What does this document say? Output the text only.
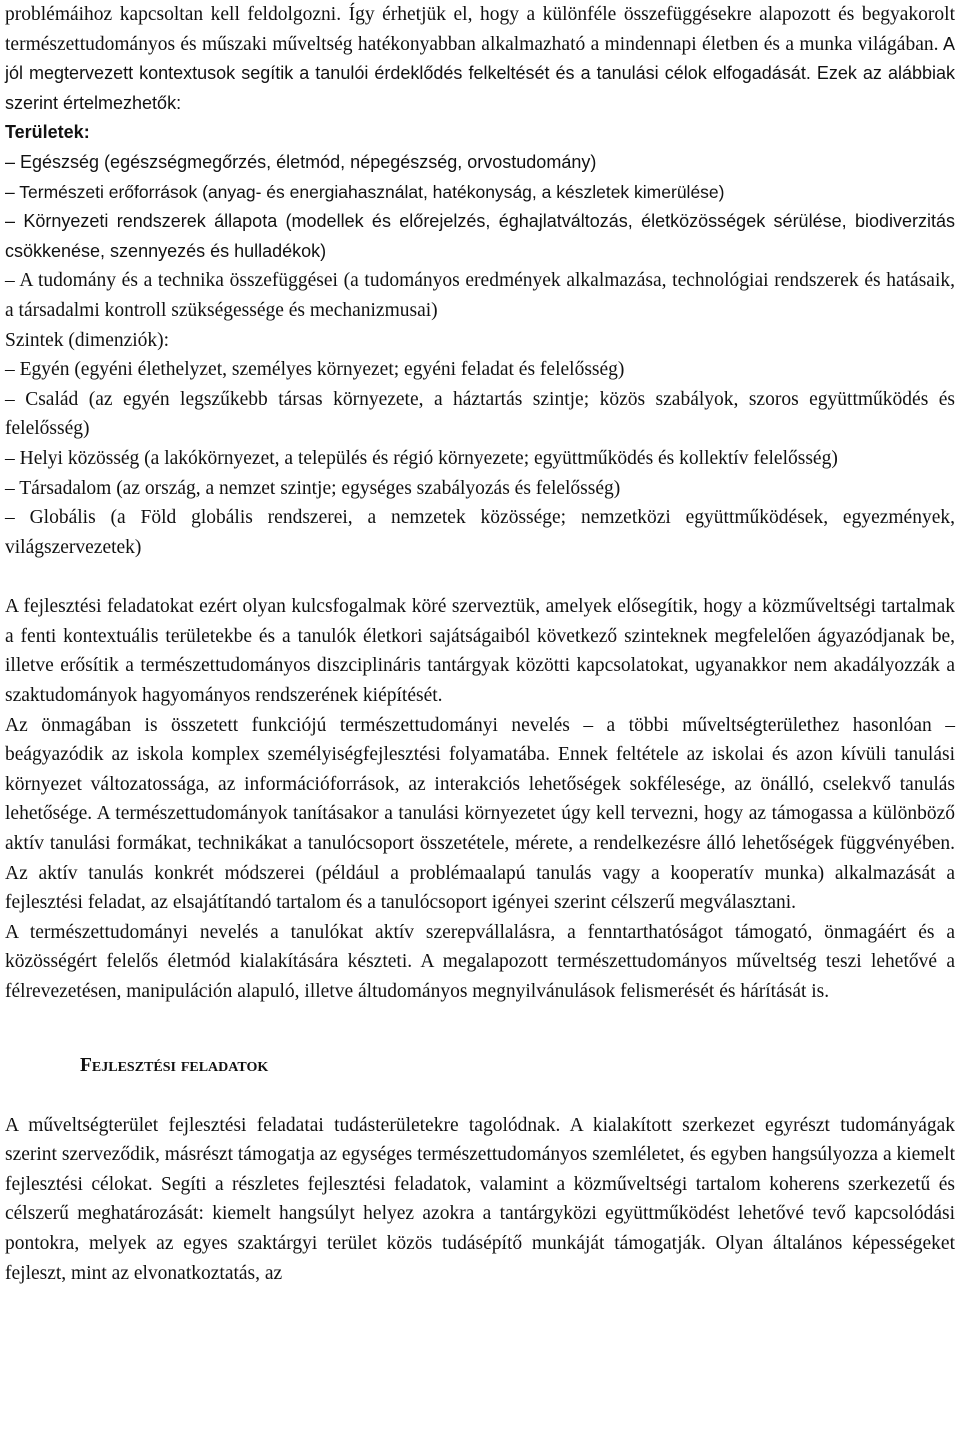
problémáihoz kapcsoltan kell feldolgozni. Így érhetjük el, hogy a különféle összefüggésekre alapozott és begyakorolt természettudományos és műszaki műveltség hatékonyabban alkalmazható a mindennapi életben és a munka világában. A jól megtervezett kontextusok segítik a tanulói érdeklődés felkeltését és a tanulási célok elfogadását. Ezek az alábbiak szerint értelmezhetők:

Területek:

– Egészség (egészségmegőrzés, életmód, népegészség, orvostudomány)

– Természeti erőforrások (anyag- és energiahasználat, hatékonyság, a készletek kimerülése)

– Környezeti rendszerek állapota (modellek és előrejelzés, éghajlatváltozás, életközösségek sérülése, biodiverzitás csökkenése, szennyezés és hulladékok)

– A tudomány és a technika összefüggései (a tudományos eredmények alkalmazása, technológiai rendszerek és hatásaik, a társadalmi kontroll szükségessége és mechanizmusai)

Szintek (dimenziók):

– Egyén (egyéni élethelyzet, személyes környezet; egyéni feladat és felelősség)

– Család (az egyén legszűkebb társas környezete, a háztartás szintje; közös szabályok, szoros együttműködés és felelősség)

– Helyi közösség (a lakókörnyezet, a település és régió környezete; együttműködés és kollektív felelősség)

– Társadalom (az ország, a nemzet szintje; egységes szabályozás és felelősség)

– Globális (a Föld globális rendszerei, a nemzetek közössége; nemzetközi együttműködések, egyezmények, világszervezetek)

A fejlesztési feladatokat ezért olyan kulcsfogalmak köré szerveztük, amelyek elősegítik, hogy a közműveltségi tartalmak a fenti kontextuális területekbe és a tanulók életkori sajátságaiból következő szinteknek megfelelően ágyazódjanak be, illetve erősítik a természettudományos diszciplináris tantárgyak közötti kapcsolatokat, ugyanakkor nem akadályozzák a szaktudományok hagyományos rendszerének kiépítését.

Az önmagában is összetett funkciójú természettudományi nevelés – a többi műveltségterülethez hasonlóan – beágyazódik az iskola komplex személyiségfejlesztési folyamatába. Ennek feltétele az iskolai és azon kívüli tanulási környezet változatossága, az információforrások, az interakciós lehetőségek sokfélesége, az önálló, cselekvő tanulás lehetősége. A természettudományok tanításakor a tanulási környezetet úgy kell tervezni, hogy az támogassa a különböző aktív tanulási formákat, technikákat a tanulócsoport összetétele, mérete, a rendelkezésre álló lehetőségek függvényében. Az aktív tanulás konkrét módszerei (például a problémaalapú tanulás vagy a kooperatív munka) alkalmazását a fejlesztési feladat, az elsajátítandó tartalom és a tanulócsoport igényei szerint célszerű megválasztani.

A természettudományi nevelés a tanulókat aktív szerepvállalásra, a fenntarthatóságot támogató, önmagáért és a közösségért felelős életmód kialakítására készteti. A megalapozott természettudományos műveltség teszi lehetővé a félrevezetésen, manipuláción alapuló, illetve áltudományos megnyilvánulások felismerését és hárítását is.

Fejlesztési feladatok

A műveltségterület fejlesztési feladatai tudásterületekre tagolódnak. A kialakított szerkezet egyrészt tudományágak szerint szerveződik, másrészt támogatja az egységes természettudományos szemléletet, és egyben hangsúlyozza a kiemelt fejlesztési célokat. Segíti a részletes fejlesztési feladatok, valamint a közműveltségi tartalom koherens szerkezetű és célszerű meghatározását: kiemelt hangsúlyt helyez azokra a tantárgyközi együttműködést lehetővé tevő kapcsolódási pontokra, melyek az egyes szaktárgyi terület közös tudásépítő munkáját támogatják. Olyan általános képességeket fejleszt, mint az elvonatkoztatás, az
